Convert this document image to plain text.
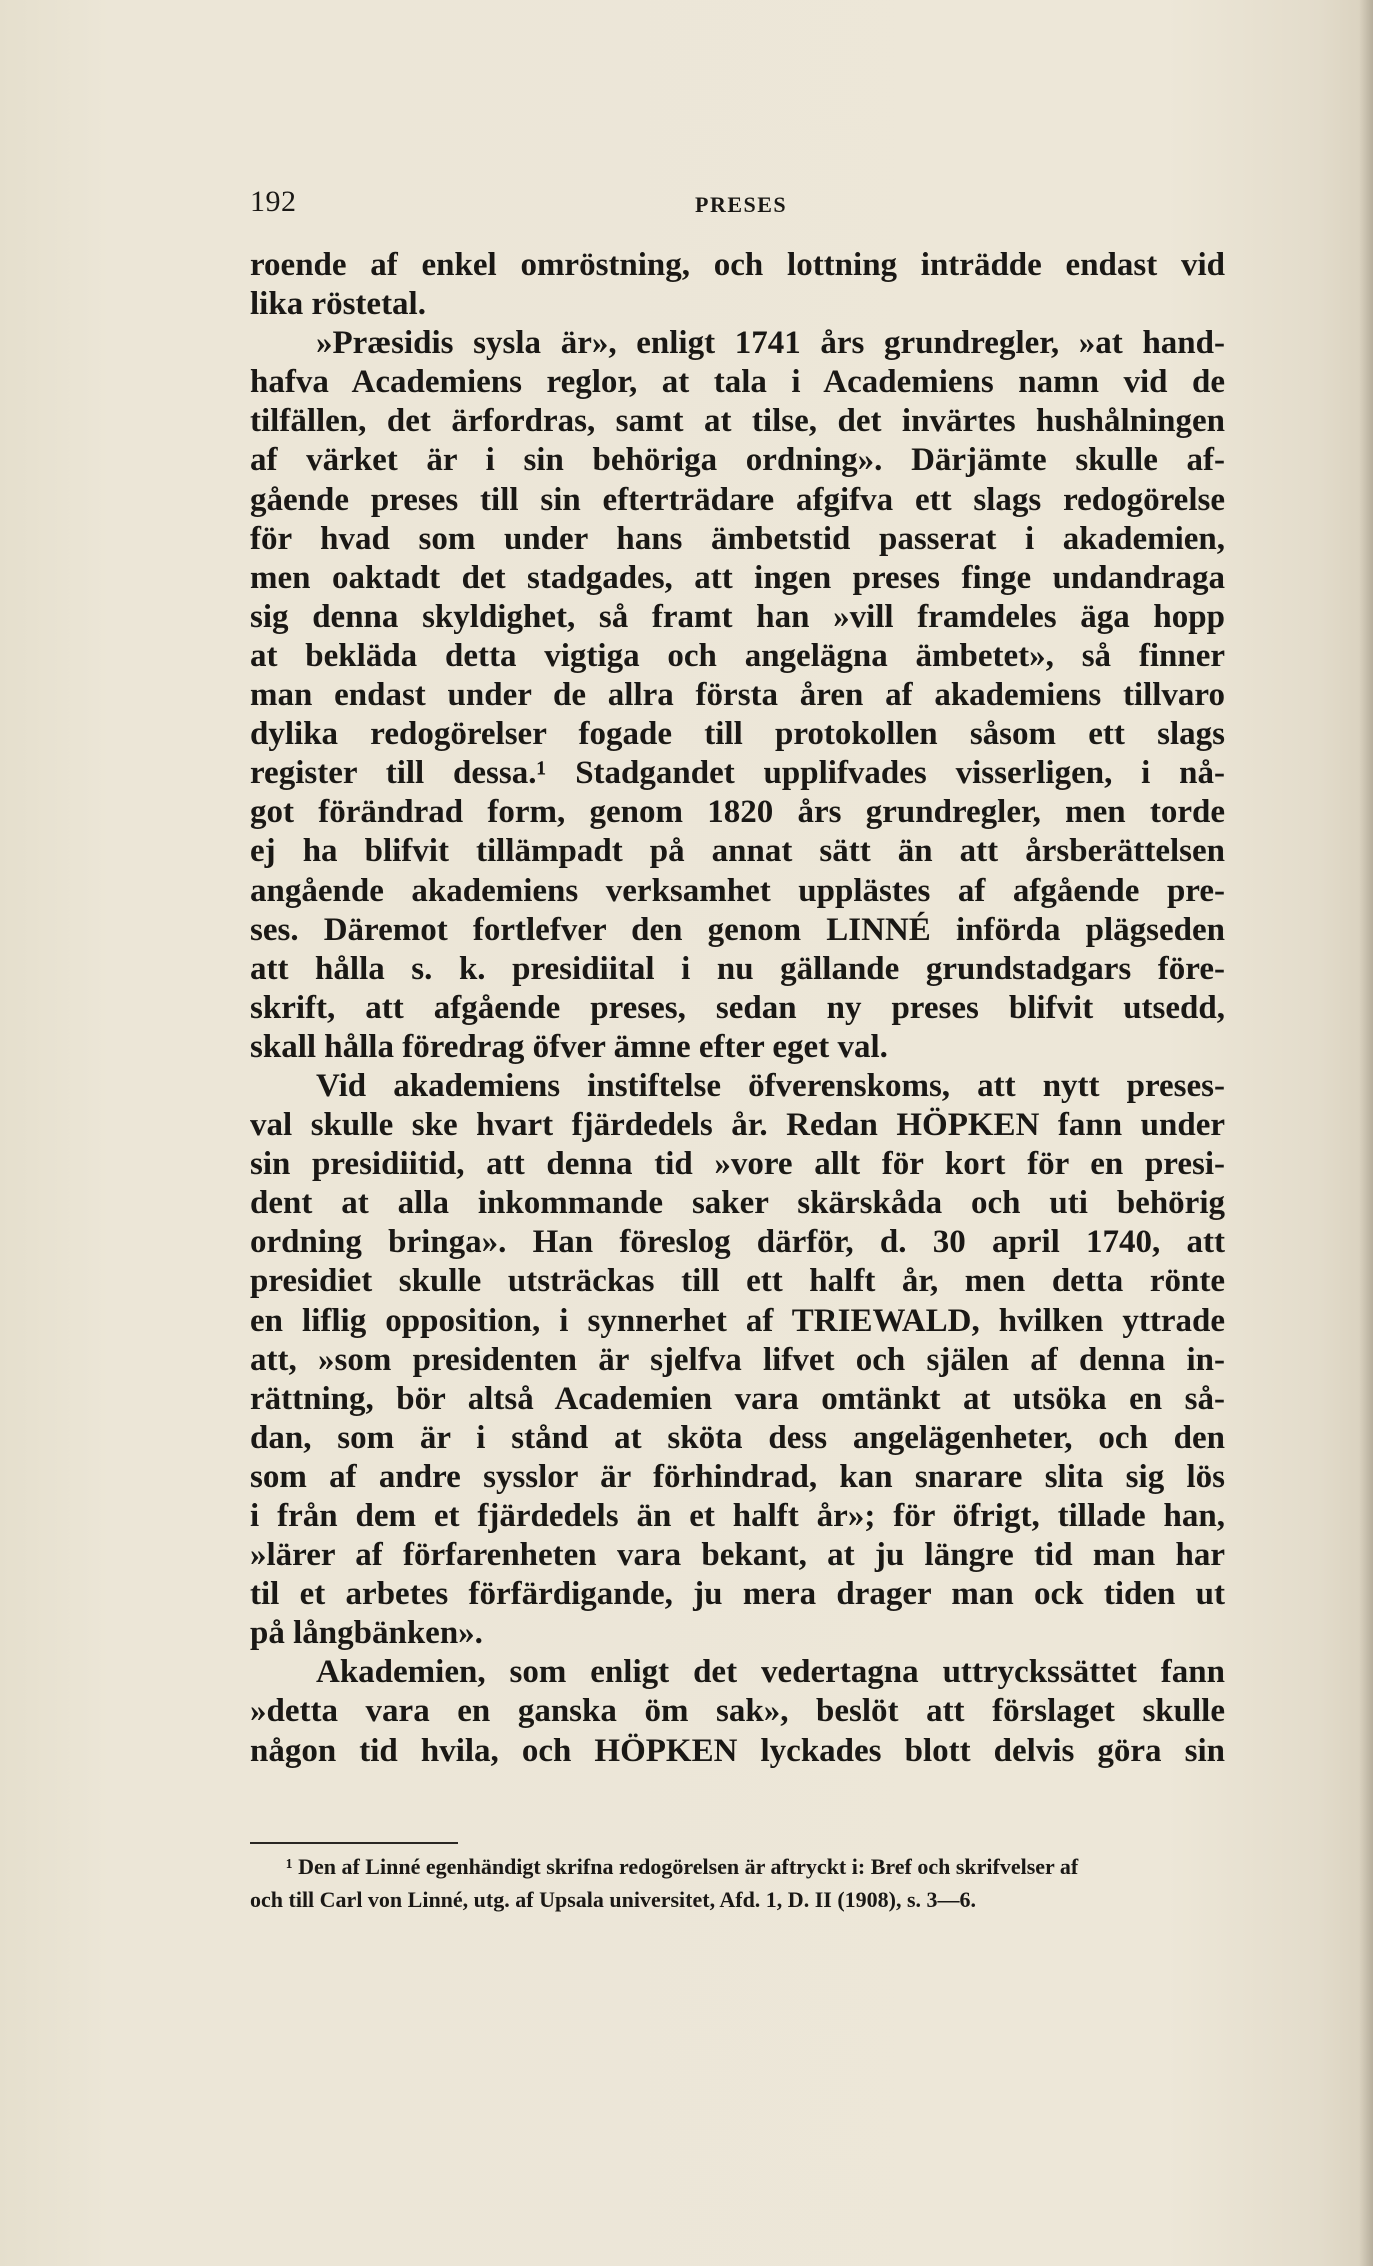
192	PRESES
roende af enkel omröstning, och lottning inträdde endast vid
lika röstetal.
»Præsidis sysla är», enligt 1741 års grundregler, »at hand-
hafva Academiens reglor, at tala i Academiens namn vid de
tilfällen, det ärfordras, samt at tilse, det invärtes hushålningen
af värket är i sin behöriga ordning». Därjämte skulle af-
gående preses till sin efterträdare afgifva ett slags redogörelse
för hvad som under hans ämbetstid passerat i akademien,
men oaktadt det stadgades, att ingen preses finge undandraga
sig denna skyldighet, så framt han »vill framdeles äga hopp
at bekläda detta vigtiga och angelägna ämbetet», så finner
man endast under de allra första åren af akademiens tillvaro
dylika redogörelser fogade till protokollen såsom ett slags
register till dessa.¹ Stadgandet upplifvades visserligen, i nå-
got förändrad form, genom 1820 års grundregler, men torde
ej ha blifvit tillämpadt på annat sätt än att årsberättelsen
angående akademiens verksamhet upplästes af afgående pre-
ses. Däremot fortlefver den genom LINNÉ införda plägseden
att hålla s. k. presidiital i nu gällande grundstadgars före-
skrift, att afgående preses, sedan ny preses blifvit utsedd,
skall hålla föredrag öfver ämne efter eget val.
Vid akademiens instiftelse öfverenskoms, att nytt preses-
val skulle ske hvart fjärdedels år. Redan HÖPKEN fann under
sin presidiitid, att denna tid »vore allt för kort för en presi-
dent at alla inkommande saker skärskåda och uti behörig
ordning bringa». Han föreslog därför, d. 30 april 1740, att
presidiet skulle utsträckas till ett halft år, men detta rönte
en liflig opposition, i synnerhet af TRIEWALD, hvilken yttrade
att, »som presidenten är sjelfva lifvet och själen af denna in-
rättning, bör altså Academien vara omtänkt at utsöka en så-
dan, som är i stånd at sköta dess angelägenheter, och den
som af andre sysslor är förhindrad, kan snarare slita sig lös
i från dem et fjärdedels än et halft år»; för öfrigt, tillade han,
»lärer af förfarenheten vara bekant, at ju längre tid man har
til et arbetes förfärdigande, ju mera drager man ock tiden ut
på långbänken».
Akademien, som enligt det vedertagna uttryckssättet fann
»detta vara en ganska öm sak», beslöt att förslaget skulle
någon tid hvila, och HÖPKEN lyckades blott delvis göra sin
¹ Den af Linné egenhändigt skrifna redogörelsen är aftryckt i: Bref och skrifvelser af
och till Carl von Linné, utg. af Upsala universitet, Afd. 1, D. II (1908), s. 3—6.
